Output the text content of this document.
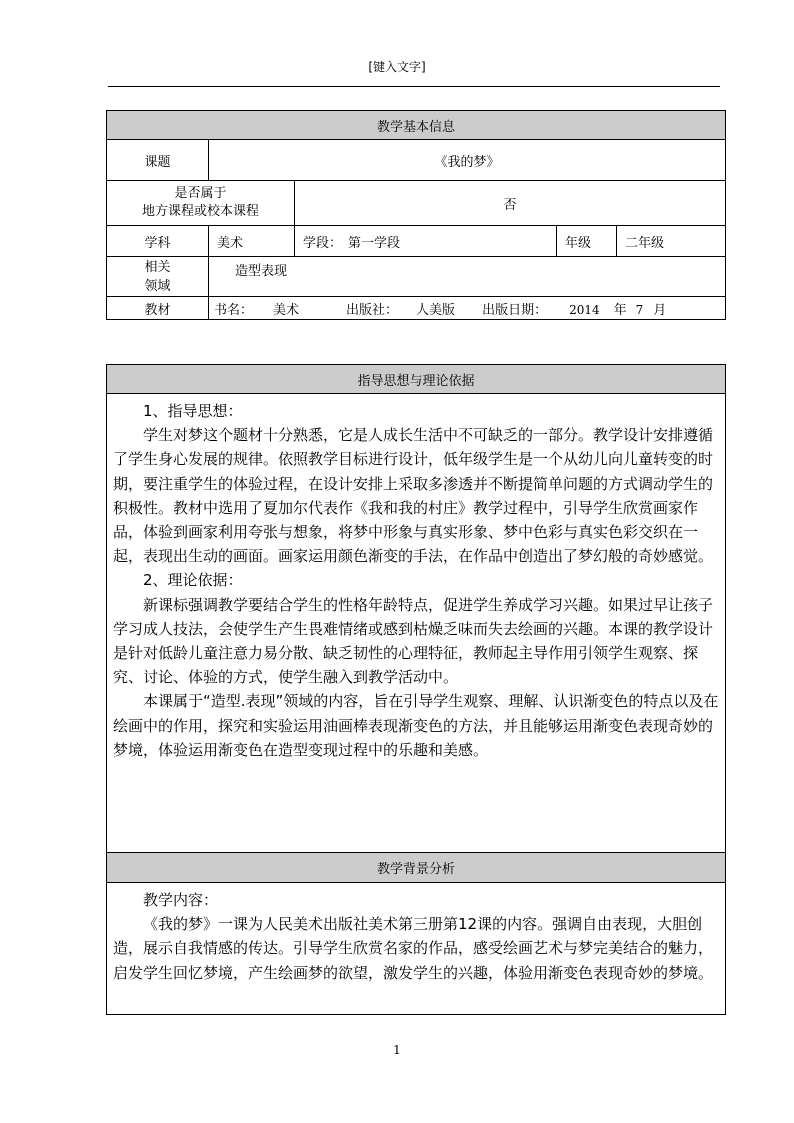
[键入文字]
教学基本信息				
课题	《我的梦》			

是否属于
地方课程或校本课程		否		
学科	美术	学段： 第一学段	年级	二年级

相关
领域	造型表现			
教材	书名： 美术 出版社： 人美版 出版日期： 2014 年 7 月			
指导思想与理论依据

1、指导思想：

学生对梦这个题材十分熟悉，它是人成长生活中不可缺乏的一部分。教学设计安排遵循了学生身心发展的规律。依照教学目标进行设计，低年级学生是一个从幼儿向儿童转变的时期，要注重学生的体验过程，在设计安排上采取多渗透并不断提简单问题的方式调动学生的积极性。教材中选用了夏加尔代表作《我和我的村庄》教学过程中，引导学生欣赏画家作品，体验到画家利用夸张与想象，将梦中形象与真实形象、梦中色彩与真实色彩交织在一起，表现出生动的画面。画家运用颜色渐变的手法，在作品中创造出了梦幻般的奇妙感觉。

2、理论依据：

新课标强调教学要结合学生的性格年龄特点，促进学生养成学习兴趣。如果过早让孩子学习成人技法，会使学生产生畏难情绪或感到枯燥乏味而失去绘画的兴趣。本课的教学设计是针对低龄儿童注意力易分散、缺乏韧性的心理特征，教师起主导作用引领学生观察、探究、讨论、体验的方式，使学生融入到教学活动中。

本课属于“造型.表现”领域的内容，旨在引导学生观察、理解、认识渐变色的特点以及在绘画中的作用，探究和实验运用油画棒表现渐变色的方法，并且能够运用渐变色表现奇妙的梦境，体验运用渐变色在造型变现过程中的乐趣和美感。

教学背景分析

教学内容：

《我的梦》一课为人民美术出版社美术第三册第12课的内容。强调自由表现，大胆创造，展示自我情感的传达。引导学生欣赏名家的作品，感受绘画艺术与梦完美结合的魅力，启发学生回忆梦境，产生绘画梦的欲望，激发学生的兴趣，体验用渐变色表现奇妙的梦境。

1
